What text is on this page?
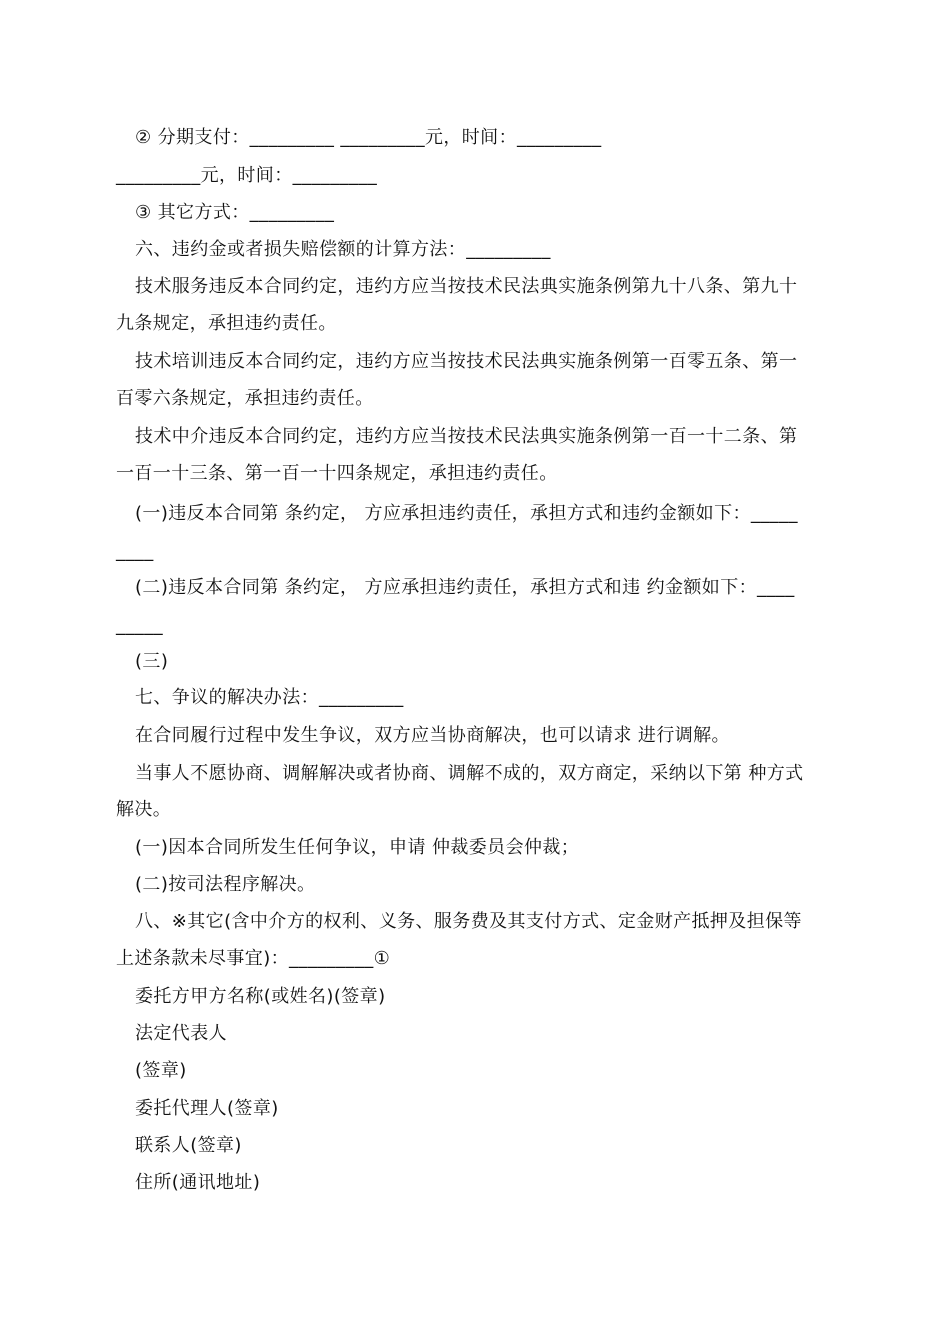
② 分期支付：_________ _________元，时间：_________
_________元，时间：_________
③ 其它方式：_________
六、违约金或者损失赔偿额的计算方法：_________
技术服务违反本合同约定，违约方应当按技术民法典实施条例第九十八条、第九十
九条规定，承担违约责任。
技术培训违反本合同约定，违约方应当按技术民法典实施条例第一百零五条、第一
百零六条规定，承担违约责任。
技术中介违反本合同约定，违约方应当按技术民法典实施条例第一百一十二条、第
一百一十三条、第一百一十四条规定，承担违约责任。
(一)违反本合同第 条约定， 方应承担违约责任，承担方式和违约金额如下：_____
____
(二)违反本合同第 条约定， 方应承担违约责任，承担方式和违 约金额如下：____
_____
(三)
七、争议的解决办法：_________
在合同履行过程中发生争议，双方应当协商解决，也可以请求 进行调解。
当事人不愿协商、调解解决或者协商、调解不成的，双方商定，采纳以下第 种方式
解决。
(一)因本合同所发生任何争议，申请 仲裁委员会仲裁；
(二)按司法程序解决。
八、※其它(含中介方的权利、义务、服务费及其支付方式、定金财产抵押及担保等
上述条款未尽事宜)：_________①
委托方甲方名称(或姓名)(签章)
法定代表人
(签章)
委托代理人(签章)
联系人(签章)
住所(通讯地址)
